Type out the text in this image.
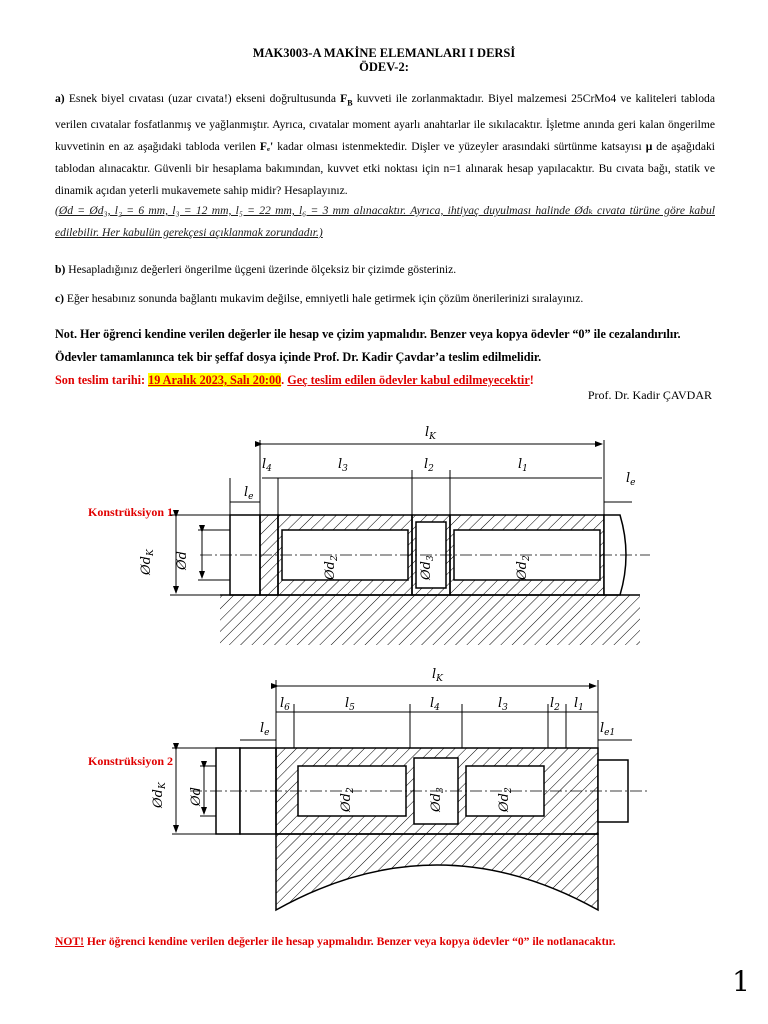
MAK3003-A MAKİNE ELEMANLARI I DERSİ
ÖDEV-2:
a) Esnek biyel cıvatası (uzar cıvata!) ekseni doğrultusunda $F_B$ kuvveti ile zorlanmaktadır. Biyel malzemesi 25CrMo4 ve kaliteleri tabloda verilen cıvatalar fosfatlanmış ve yağlanmıştır. Ayrıca, cıvatalar moment ayarlı anahtarlar ile sıkılacaktır. İşletme anında geri kalan öngerilme kuvvetinin en az aşağıdaki tabloda verilen Fₑ' kadar olması istenmektedir. Dişler ve yüzeyler arasındaki sürtünme katsayısı μ de aşağıdaki tablodan alınacaktır. Güvenli bir hesaplama bakımından, kuvvet etki noktası için n=1 alınarak hesap yapılacaktır. Bu cıvata bağı, statik ve dinamik açıdan yeterli mukavemete sahip midir? Hesaplayınız.
(Ød = Ød₃, l₂ = 6 mm, l₃ = 12 mm, l₅ = 22 mm, l₆ = 3 mm alınacaktır. Ayrıca, ihtiyaç duyulması halinde Ødₖ cıvata türüne göre kabul edilebilir. Her kabulün gerekçesi açıklanmak zorundadır.)
b) Hesapladığınız değerleri öngerilme üçgeni üzerinde ölçeksiz bir çizimde gösteriniz.
c) Eğer hesabınız sonunda bağlantı mukavim değilse, emniyetli hale getirmek için çözüm önerilerinizi sıralayınız.
Not. Her öğrenci kendine verilen değerler ile hesap ve çizim yapmalıdır. Benzer veya kopya ödevler “0” ile cezalandırılır.
Ödevler tamamlanınca tek bir şeffaf dosya içinde Prof. Dr. Kadir Çavdar’a teslim edilmelidir.
Son teslim tarihi: 19 Aralık 2023, Salı 20:00. Geç teslim edilen ödevler kabul edilmeyecektir!
Prof. Dr. Kadir ÇAVDAR
Konstrüksiyon 1
$l_K$
$l_4$	$l_3$	$l_2$	$l_1$
$l_e$
$l_e$
$Ød_K$ Ød
$Ød_2$
$Ød_3$
$Ød_2$
Konstrüksiyon 2
$l_K$
$l_6$	$l_5$	$l_4$	$l_3$	$l_2$ $l_1$
$l_e$	$l_{e1}$
$Ød_K$
Ød	$Ød_2$
$Ød_3$
$Ød_2$
NOT! Her öğrenci kendine verilen değerler ile hesap yapmalıdır. Benzer veya kopya ödevler “0” ile notlanacaktır.
1
